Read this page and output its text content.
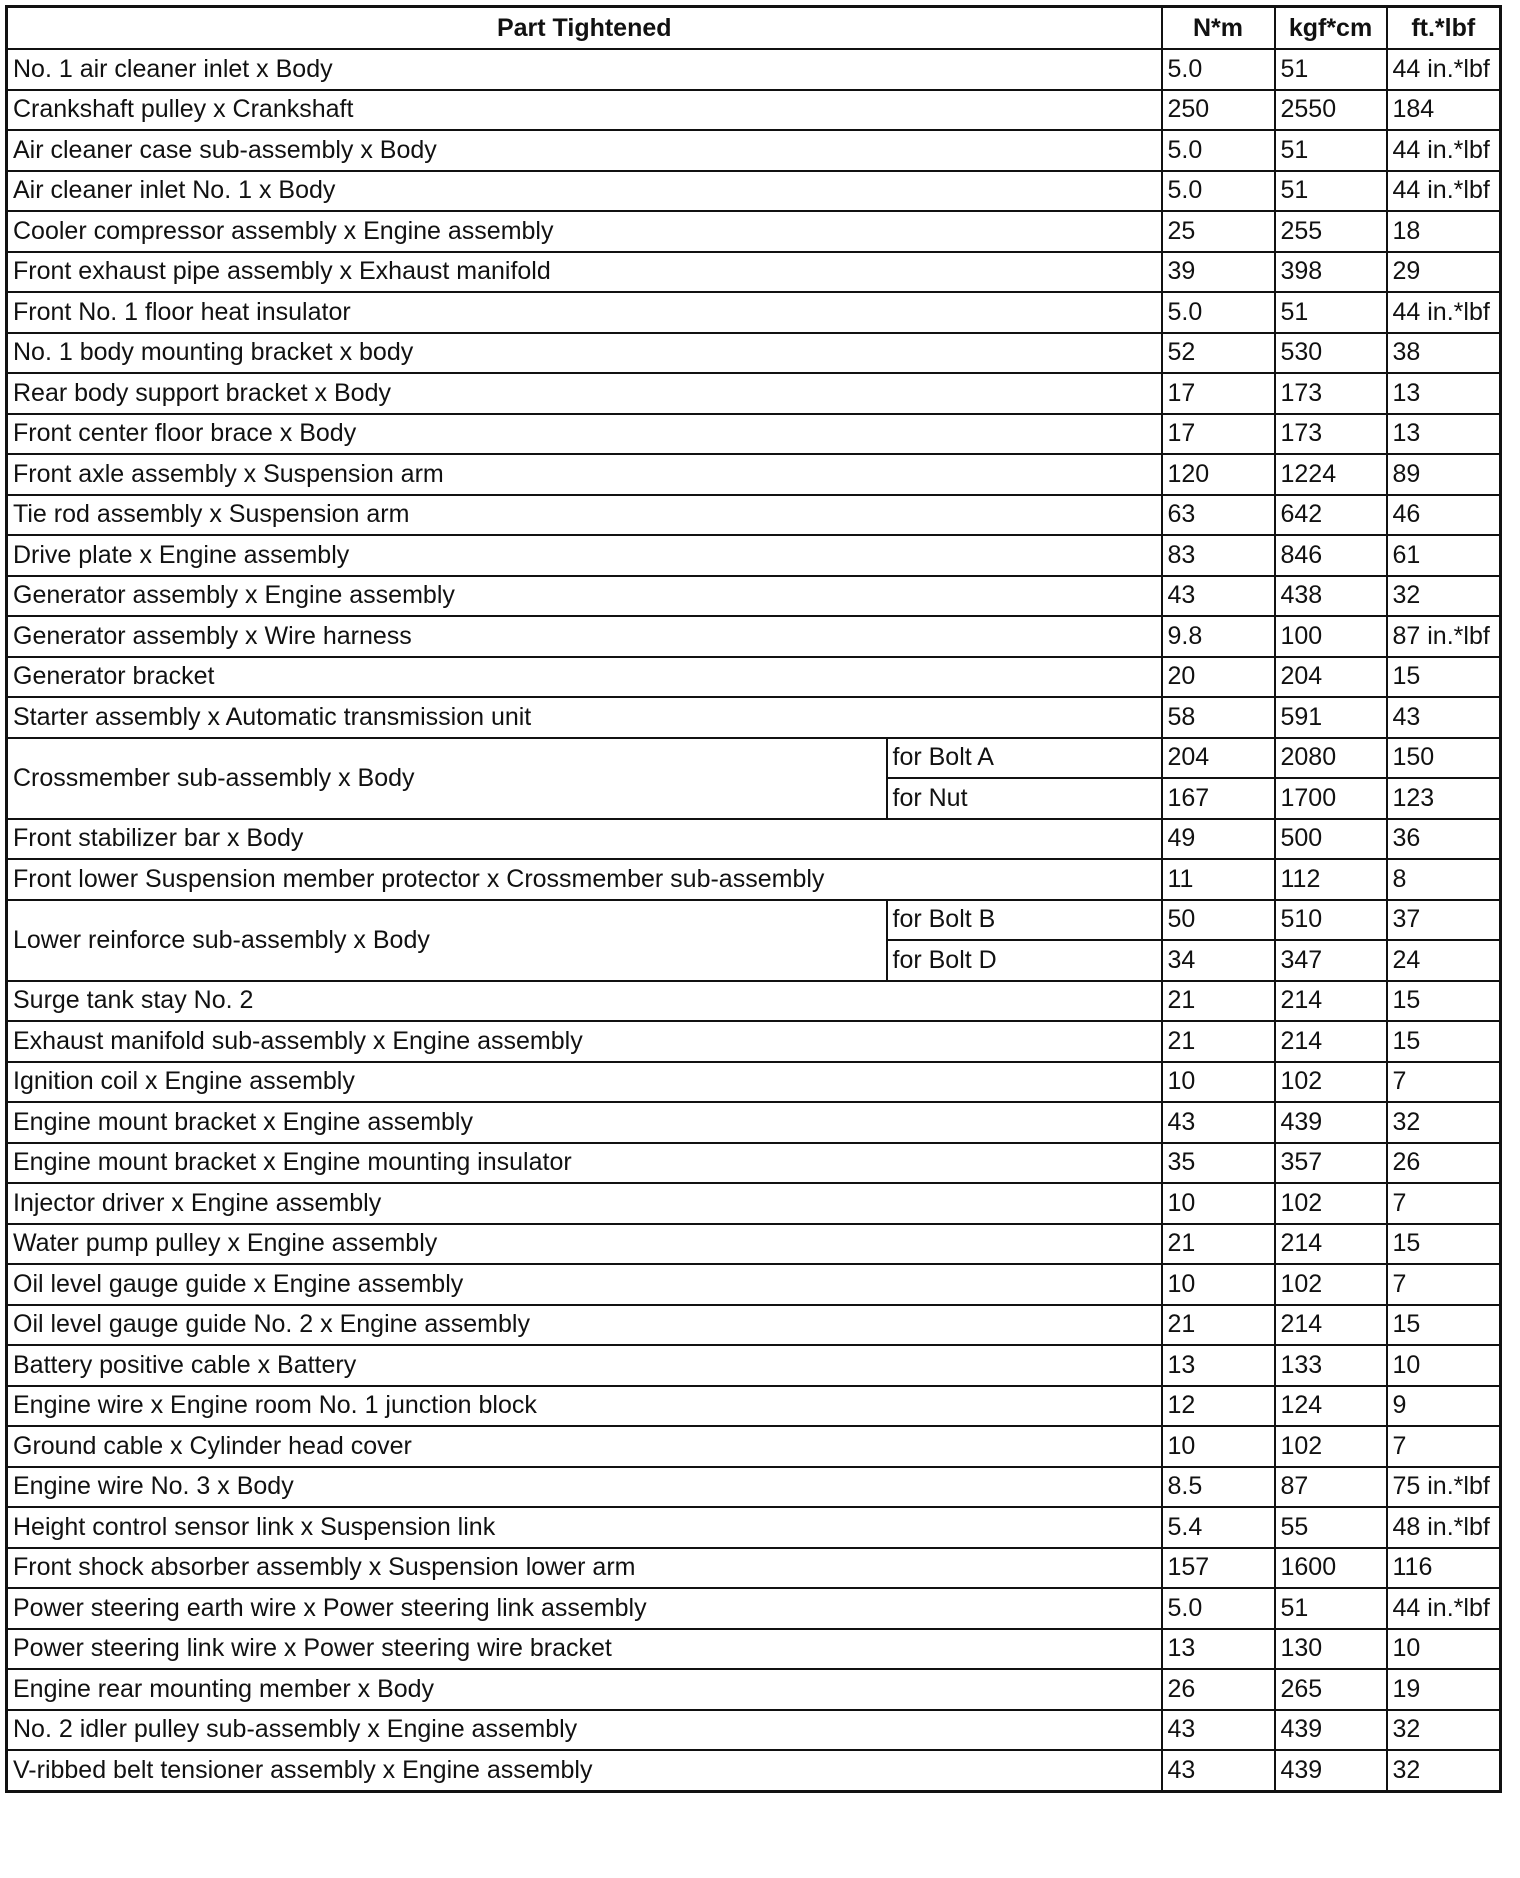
Part Tightened		N*m	kgf*cm	ft.*lbf
No. 1 air cleaner inlet x Body		5.0	51	44 in.*lbf
Crankshaft pulley x Crankshaft		250	2550	184
Air cleaner case sub-assembly x Body		5.0	51	44 in.*lbf
Air cleaner inlet No. 1 x Body		5.0	51	44 in.*lbf
Cooler compressor assembly x Engine assembly		25	255	18
Front exhaust pipe assembly x Exhaust manifold		39	398	29
Front No. 1 floor heat insulator		5.0	51	44 in.*lbf
No. 1 body mounting bracket x body		52	530	38
Rear body support bracket x Body		17	173	13
Front center floor brace x Body		17	173	13
Front axle assembly x Suspension arm		120	1224	89
Tie rod assembly x Suspension arm		63	642	46
Drive plate x Engine assembly		83	846	61
Generator assembly x Engine assembly		43	438	32
Generator assembly x Wire harness		9.8	100	87 in.*lbf
Generator bracket		20	204	15
Starter assembly x Automatic transmission unit		58	591	43
Crossmember sub-assembly x Body	for Bolt A	204	2080	150
	for Nut	167	1700	123
Front stabilizer bar x Body		49	500	36
Front lower Suspension member protector x Crossmember sub-assembly		11	112	8
Lower reinforce sub-assembly x Body	for Bolt B	50	510	37
	for Bolt D	34	347	24
Surge tank stay No. 2		21	214	15
Exhaust manifold sub-assembly x Engine assembly		21	214	15
Ignition coil x Engine assembly		10	102	7
Engine mount bracket x Engine assembly		43	439	32
Engine mount bracket x Engine mounting insulator		35	357	26
Injector driver x Engine assembly		10	102	7
Water pump pulley x Engine assembly		21	214	15
Oil level gauge guide x Engine assembly		10	102	7
Oil level gauge guide No. 2 x Engine assembly		21	214	15
Battery positive cable x Battery		13	133	10
Engine wire x Engine room No. 1 junction block		12	124	9
Ground cable x Cylinder head cover		10	102	7
Engine wire No. 3 x Body		8.5	87	75 in.*lbf
Height control sensor link x Suspension link		5.4	55	48 in.*lbf
Front shock absorber assembly x Suspension lower arm		157	1600	116
Power steering earth wire x Power steering link assembly		5.0	51	44 in.*lbf
Power steering link wire x Power steering wire bracket		13	130	10
Engine rear mounting member x Body		26	265	19
No. 2 idler pulley sub-assembly x Engine assembly		43	439	32
V-ribbed belt tensioner assembly x Engine assembly		43	439	32
